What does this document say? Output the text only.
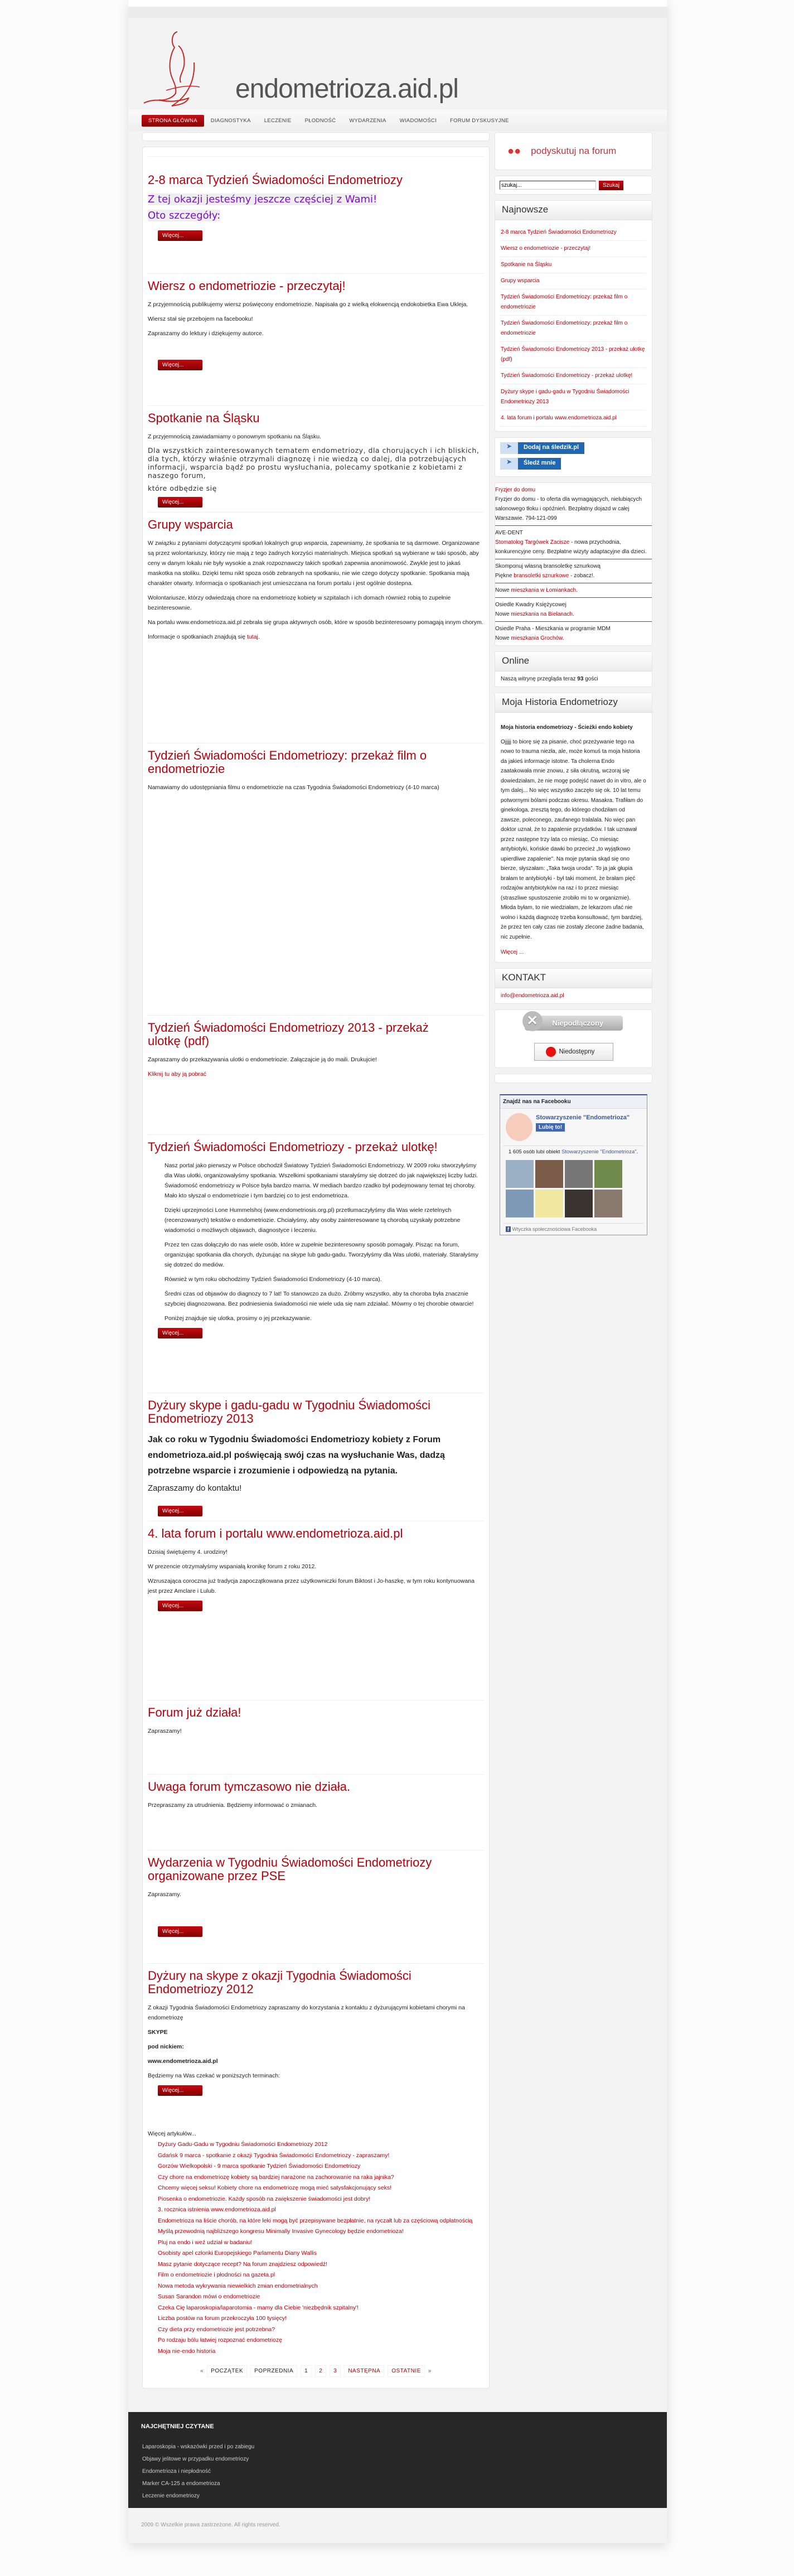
endometrioza.aid.pl
STRONA GŁÓWNA	DIAGNOSTYKA	LECZENIE	PŁODNOŚĆ	WYDARZENIA	WIADOMOŚCI	FORUM DYSKUSYJNE
2-8 marca Tydzień Świadomości Endometriozy
Z tej okazji jesteśmy jeszcze częściej z Wami!
Oto szczegóły:
Więcej...
Wiersz o endometriozie - przeczytaj!

Z przyjemnością publikujemy wiersz poświęcony endometriozie. Napisała go z wielką elokwencją endokobietka Ewa Ukleja.

Wiersz stał się przebojem na facebooku!

Zapraszamy do lektury i dziękujemy autorce.

Więcej...
Spotkanie na Śląsku

Z przyjemnością zawiadamiamy o ponownym spotkaniu na Śląsku.

Dla wszystkich zainteresowanych tematem endometriozy, dla chorujących i ich bliskich, dla tych, którzy właśnie otrzymali diagnozę i nie wiedzą co dalej, dla potrzebujących informacji, wsparcia bądź po prostu wysłuchania, polecamy spotkanie z kobietami z naszego forum,

które odbędzie się

Więcej...
Grupy wsparcia

W związku z pytaniami dotyczącymi spotkań lokalnych grup wsparcia, zapewniamy, że spotkania te są darmowe. Organizowane są przez wolontariuszy, którzy nie mają z tego żadnych korzyści materialnych. Miejsca spotkań są wybierane w taki sposób, aby ceny w danym lokalu nie były wysokie a znak rozpoznawczy takich spotkań zapewnia anonimowość. Zwykle jest to jakaś maskotka na stoliku. Dzięki temu nikt spoza osób zebranych na spotkaniu, nie wie czego dotyczy spotkanie. Spotkania mają charakter otwarty. Informacja o spotkaniach jest umieszczana na forum portalu i jest ogólnie dostepna.

Wolontariusze, którzy odwiedzają chore na endometriozę kobiety w szpitalach i ich domach również robią to zupełnie bezinteresownie.

Na portalu www.endometrioza.aid.pl zebrała się grupa aktywnych osób, które w sposób bezinteresowny pomagają innym chorym.

Informacje o spotkaniach znajdują się tutaj.

Tydzień Świadomości Endometriozy: przekaż film o endometriozie

Namawiamy do udostępniania filmu o endometriozie na czas Tygodnia Świadomości Endometriozy (4-10 marca)

Tydzień Świadomości Endometriozy 2013 - przekaż ulotkę (pdf)

Zapraszamy do przekazywania ulotki o endometriozie. Załączajcie ją do maili. Drukujcie!

Kliknij tu aby ją pobrać

Tydzień Świadomości Endometriozy - przekaż ulotkę!

Nasz portal jako pierwszy w Polsce obchodził Światowy Tydzień Świadomości Endometriozy. W 2009 roku stworzyłyśmy dla Was ulotki, organizowałyśmy spotkania. Wszelkimi spotkaniami starałyśmy się dotrzeć do jak największej liczby ludzi. Świadomość endometriozy w Polsce była bardzo marna. W mediach bardzo rzadko był podejmowany temat tej choroby. Mało kto słyszał o endometriozie i tym bardziej co to jest endometrioza.

Dzięki uprzejmości Lone Hummelshoj (www.endometriosis.org.pl) przetłumaczyłyśmy dla Was wiele rzetelnych (recenzowanych) tekstów o endometriozie. Chciałyśmy, aby osoby zainteresowane tą chorobą uzyskały potrzebne wiadomości o możliwych objawach, diagnostyce i leczeniu.

Przez ten czas dołączyło do nas wiele osób, które w zupełnie bezinteresowny sposób pomagały. Pisząc na forum, organizując spotkania dla chorych, dyżurując na skype lub gadu-gadu. Tworzyłyśmy dla Was ulotki, materiały. Starałyśmy się dotrzeć do mediów.

Również w tym roku obchodzimy Tydzień Świadomości Endometriozy (4-10 marca).

Średni czas od objawów do diagnozy to 7 lat! To stanowczo za dużo. Zróbmy wszystko, aby ta choroba była znacznie szybciej diagnozowana. Bez podniesienia świadomości nie wiele uda się nam zdziałać. Mówmy o tej chorobie otwarcie!

Poniżej znajduje się ulotka, prosimy o jej przekazywanie.

Więcej...
Dyżury skype i gadu-gadu w Tygodniu Świadomości Endometriozy 2013

Jak co roku w Tygodniu Świadomości Endometriozy kobiety z Forum endometrioza.aid.pl poświęcają swój czas na wysłuchanie Was, dadzą potrzebne wsparcie i zrozumienie i odpowiedzą na pytania.

Zapraszamy do kontaktu!

Więcej...
4. lata forum i portalu www.endometrioza.aid.pl

Dzisiaj świętujemy 4. urodziny!

W prezencie otrzymałyśmy wspaniałą kronikę forum z roku 2012.

Wzruszająca coroczna już tradycja zapoczątkowana przez użytkowniczki forum Biktost i Jo-haszkę, w tym roku kontynuowana jest przez Amclare i Lulub.

Więcej...
Forum już działa!

Zapraszamy!

Uwaga forum tymczasowo nie działa.

Przepraszamy za utrudnienia. Będziemy informować o zmianach.

Wydarzenia w Tygodniu Świadomości Endometriozy organizowane przez PSE

Zapraszamy.

Więcej...
Dyżury na skype z okazji Tygodnia Świadomości Endometriozy 2012

Z okazji Tygodnia Świadomości Endometriozy zapraszamy do korzystania z kontaktu z dyżurującymi kobietami chorymi na endometriozę

SKYPE

pod nickiem:

www.endometrioza.aid.pl

Będziemy na Was czekać w poniższych terminach:

Więcej...
Więcej artykułów...
Dyżury Gadu-Gadu w Tygodniu Świadomości Endometriozy 2012
Gdańsk 9 marca - spotkanie z okazji Tygodnia Świadomości Endometriozy - zapraszamy!
Gorzów Wielkopolski - 9 marca spotkanie Tydzień Świadomości Endometriozy
Czy chore na endometriozę kobiety są bardziej narażone na zachorowanie na raka jajnika?
Chcemy więcej seksu! Kobiety chore na endometriozę mogą mieć satysfakcjonujący seks!
Piosenka o endometriozie. Każdy sposób na zwiększenie świadomości jest dobry!
3. rocznica istnienia www.endometrioza.aid.pl
Endometrioza na liście chorób, na które leki mogą być przepisywane bezpłatnie, na ryczałt lub za częściową odpłatnością
Myślą przewodnią najbliższego kongresu Minimally Invasive Gynecology będzie endometrioza!
Pluj na endo i weź udział w badaniu!
Osobisty apel członki Europejskiego Parlamentu Diany Wallis
Masz pytanie dotyczące recept? Na forum znajdziesz odpowiedź!
Film o endometriozie i płodności na gazeta.pl
Nowa metoda wykrywania niewielkich zmian endometrialnych
Susan Sarandon mówi o endometriozie
Czeka Cię laparoskopia/laparotomia - mamy dla Ciebie 'niezbędnik szpitalny'!
Liczba postów na forum przekroczyła 100 tysięcy!
Czy dieta przy endometriozie jest potrzebna?
Po rodzaju bólu łatwiej rozpoznać endometriozę
Moja nie-endo historia
«	POCZĄTEK	POPRZEDNIA	1	2	3	NASTĘPNA	OSTATNIE	»
●● podyskutuj na forum
szukaj...
Szukaj
Najnowsze
2-8 marca Tydzień Świadomości Endometriozy
Wiersz o endometriozie - przeczytaj!
Spotkanie na Śląsku
Grupy wsparcia
Tydzień Świadomości Endometriozy: przekaż film o endometriozie
Tydzień Świadomości Endometriozy: przekaż film o endometriozie
Tydzień Świadomości Endometriozy 2013 - przekaż ulotkę (pdf)
Tydzień Świadomości Endometriozy - przekaż ulotkę!
Dyżury skype i gadu-gadu w Tygodniu Świadomości Endometriozy 2013
4. lata forum i portalu www.endometrioza.aid.pl
➤	Dodaj na śledzik.pl
➤	Śledź mnie
Fryzjer do domu
Fryzjer do domu - to oferta dla wymagających, nielubiących salonowego tłoku i opóźnień. Bezpłatny dojazd w całej Warszawie. 794-121-099
AVE-DENT
Stomatolog Targówek Zacisze - nowa przychodnia, konkurencyjne ceny. Bezpłatne wizyty adaptacyjne dla dzieci.
Skomponuj własną bransoletkę sznurkową
Piękne bransoletki sznurkowe - zobacz!.
Nowe mieszkania w Łomiankach.
Osiedle Kwadry Księżycowej
Nowe mieszkania na Bielanach.
Osiedle Praha - Mieszkania w programie MDM
Nowe mieszkania Grochów.
Online
Naszą witrynę przegląda teraz 93 gości
Moja Historia Endometriozy

Moja historia endometriozy - Ścieżki endo kobiety

Ojjjjj to biorę się za pisanie, choć przeżywanie tego na nowo to trauma niezła, ale, może komuś ta moja historia da jakieś informacje istotne. Ta cholerna Endo zaatakowała mnie znowu, z siła okrutną, wczoraj się dowiedziałam, że nie mogę podejść nawet do in vitro, ale o tym dalej... No więc wszystko zaczęło się ok. 10 lat temu potwornymi bólami podczas okresu. Masakra. Trafiłam do ginekologa, zresztą tego, do którego chodziłam od zawsze, poleconego, zaufanego tralalala. No więc pan doktor uznał, że to zapalenie przydatków. I tak uznawał przez następne trzy lata co miesiąc. Co miesiąc antybiotyki, końskie dawki bo przecież „to wyjątkowo upierdliwe zapalenie". Na moje pytania skąd się ono bierze, słyszałam: „Taka twoja uroda". To ja jak głupia brałam te antybiotyki - był taki moment, że brałam pięć rodzajów antybiotyków na raz i to przez miesiąc (straszliwe spustoszenie zrobiło mi to w organizmie). Młoda byłam, to nie wiedziałam, że lekarzom ufać nie wolno i każdą diagnozę trzeba konsultować, tym bardziej, że przez ten cały czas nie zostały zlecone żadne badania, nic zupełnie.

Więcej ...

KONTAKT
info@endometrioza.aid.pl
✕	Niepodłączony
Niedostępny
Znajdź nas na Facebooku
Stowarzyszenie "Endometrioza"
Lubię to!
1 605 osób lubi obiekt Stowarzyszenie "Endometrioza".
f Wtyczka społecznościowa Facebooka
NAJCHĘTNIEJ CZYTANE
Laparoskopia - wskazówki przed i po zabiegu
Objawy jelitowe w przypadku endometriozy
Endometrioza i niepłodność
Marker CA-125 a endometrioza
Leczenie endometriozy
2009 © Wszelkie prawa zastrzeżone. All rights reserved.
